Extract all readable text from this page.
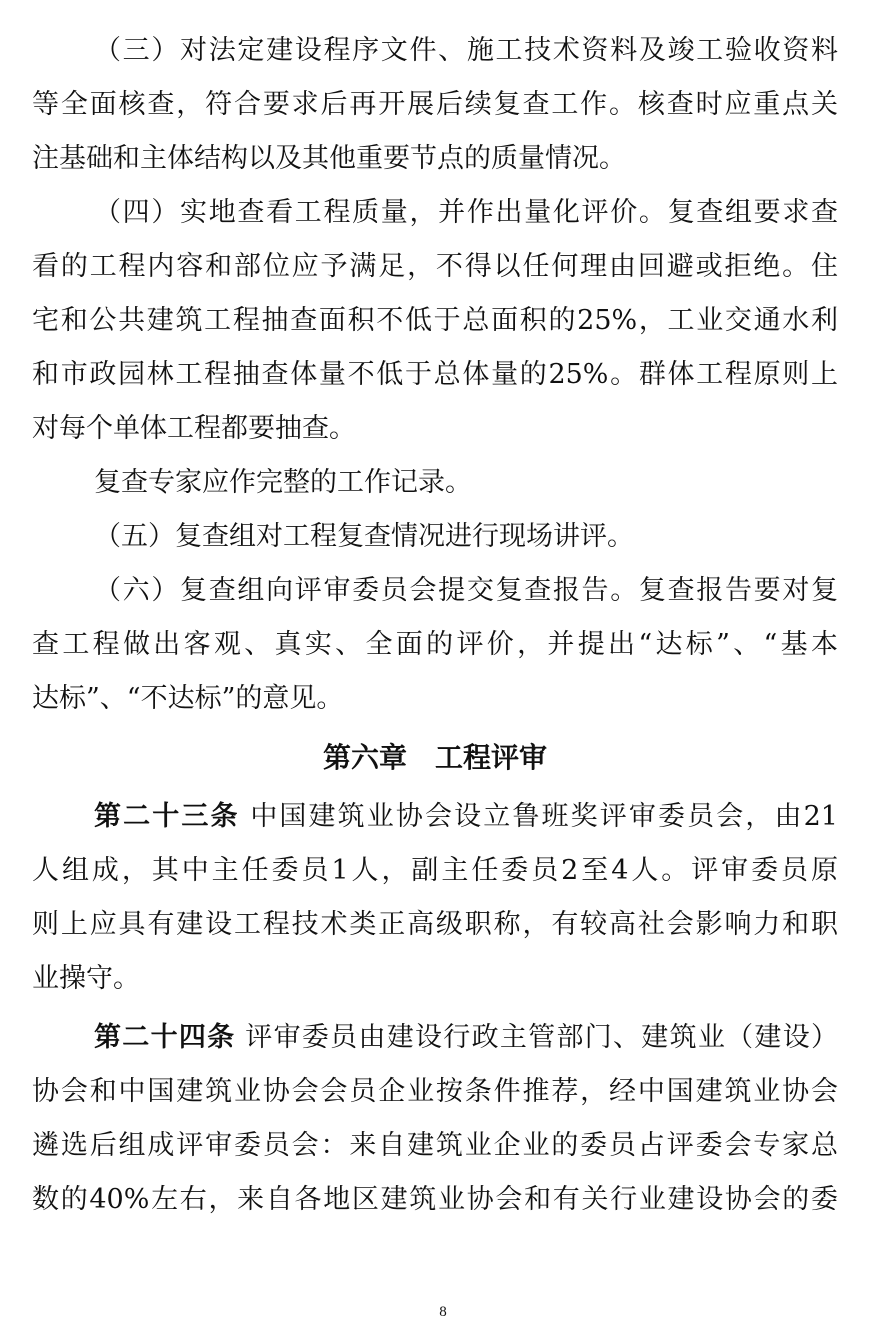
（三）对法定建设程序文件、施工技术资料及竣工验收资料
等全面核查，符合要求后再开展后续复查工作。核查时应重点关
注基础和主体结构以及其他重要节点的质量情况。
（四）实地查看工程质量，并作出量化评价。复查组要求查
看的工程内容和部位应予满足，不得以任何理由回避或拒绝。住
宅和公共建筑工程抽查面积不低于总面积的25%，工业交通水利
和市政园林工程抽查体量不低于总体量的25%。群体工程原则上
对每个单体工程都要抽查。
复查专家应作完整的工作记录。
（五）复查组对工程复查情况进行现场讲评。
（六）复查组向评审委员会提交复查报告。复查报告要对复
查工程做出客观、真实、全面的评价，并提出“达标”、“基本
达标”、“不达标”的意见。
第六章　工程评审
第二十三条 中国建筑业协会设立鲁班奖评审委员会，由21
人组成，其中主任委员1人，副主任委员2至4人。评审委员原
则上应具有建设工程技术类正高级职称，有较高社会影响力和职
业操守。
第二十四条 评审委员由建设行政主管部门、建筑业（建设）
协会和中国建筑业协会会员企业按条件推荐，经中国建筑业协会
遴选后组成评审委员会：来自建筑业企业的委员占评委会专家总
数的40%左右，来自各地区建筑业协会和有关行业建设协会的委
8
